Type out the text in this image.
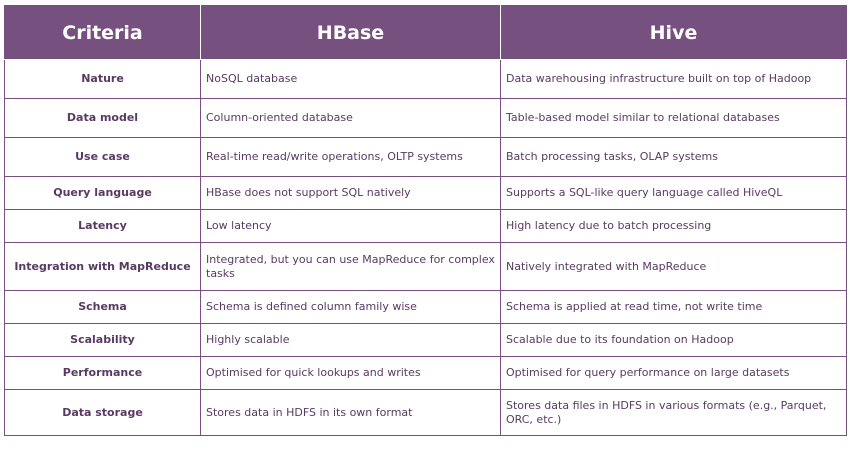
Criteria	HBase	Hive
Nature	NoSQL database	Data warehousing infrastructure built on top of Hadoop
Data model	Column-oriented database	Table-based model similar to relational databases
Use case	Real-time read/write operations, OLTP systems	Batch processing tasks, OLAP systems
Query language	HBase does not support SQL natively	Supports a SQL-like query language called HiveQL
Latency	Low latency	High latency due to batch processing
Integration with MapReduce	Integrated, but you can use MapReduce for complex tasks	Natively integrated with MapReduce
Schema	Schema is defined column family wise	Schema is applied at read time, not write time
Scalability	Highly scalable	Scalable due to its foundation on Hadoop
Performance	Optimised for quick lookups and writes	Optimised for query performance on large datasets
Data storage	Stores data in HDFS in its own format	Stores data files in HDFS in various formats (e.g., Parquet, ORC, etc.)
